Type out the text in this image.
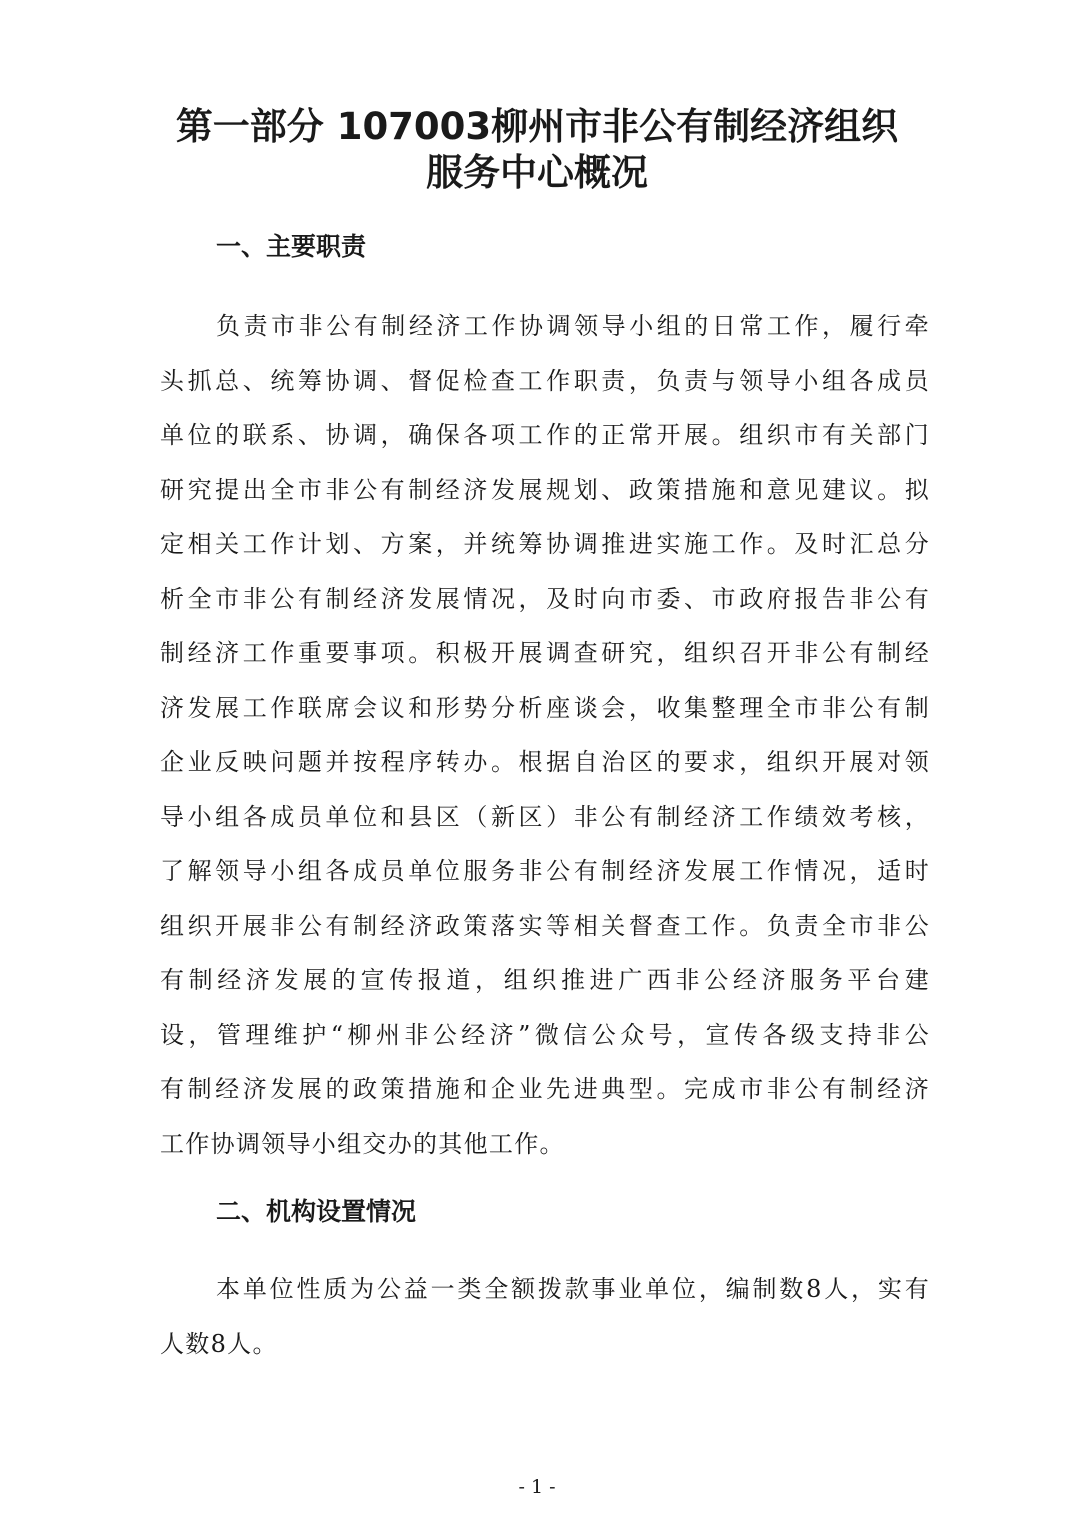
第一部分 107003柳州市非公有制经济组织
服务中心概况
一、主要职责
负责市非公有制经济工作协调领导小组的日常工作，履行牵
头抓总、统筹协调、督促检查工作职责，负责与领导小组各成员
单位的联系、协调，确保各项工作的正常开展。组织市有关部门
研究提出全市非公有制经济发展规划、政策措施和意见建议。拟
定相关工作计划、方案，并统筹协调推进实施工作。及时汇总分
析全市非公有制经济发展情况，及时向市委、市政府报告非公有
制经济工作重要事项。积极开展调查研究，组织召开非公有制经
济发展工作联席会议和形势分析座谈会，收集整理全市非公有制
企业反映问题并按程序转办。根据自治区的要求，组织开展对领
导小组各成员单位和县区（新区）非公有制经济工作绩效考核，
了解领导小组各成员单位服务非公有制经济发展工作情况，适时
组织开展非公有制经济政策落实等相关督查工作。负责全市非公
有制经济发展的宣传报道，组织推进广西非公经济服务平台建
设，管理维护“柳州非公经济”微信公众号，宣传各级支持非公
有制经济发展的政策措施和企业先进典型。完成市非公有制经济
工作协调领导小组交办的其他工作。
二、机构设置情况
本单位性质为公益一类全额拨款事业单位，编制数8人，实有
人数8人。
- 1 -
